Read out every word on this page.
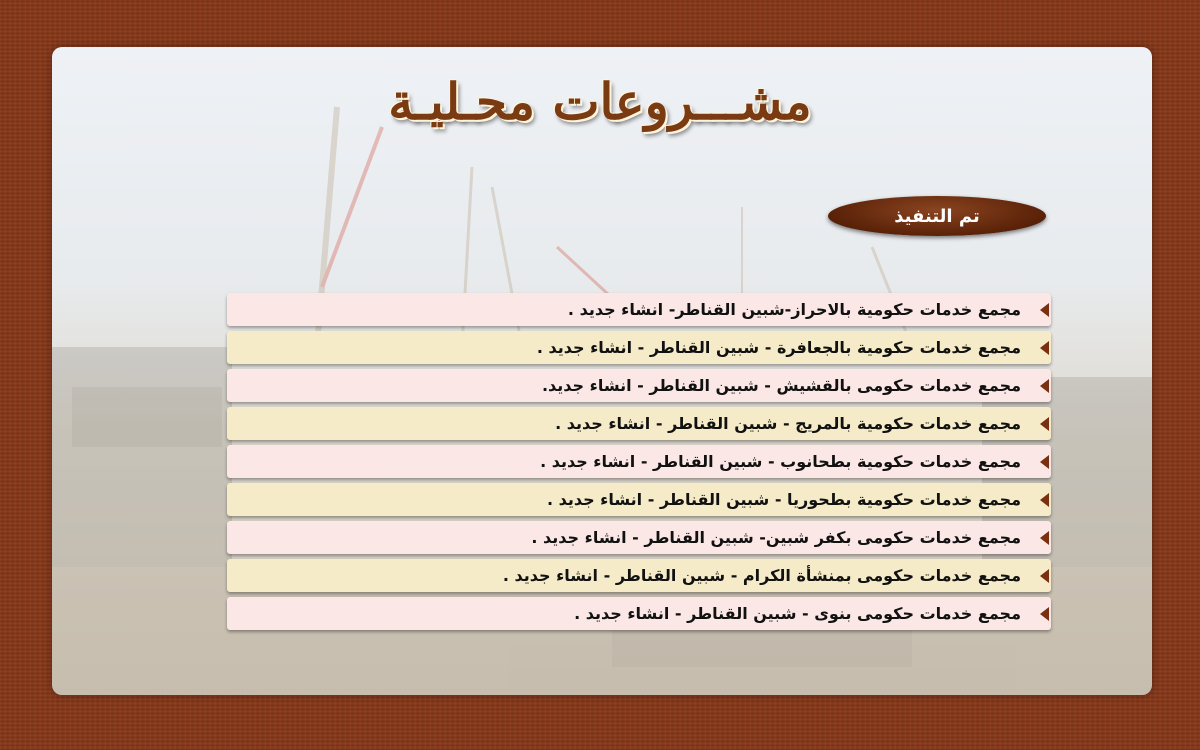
مشـــروعات محـليـة
تم التنفيذ
مجمع خدمات حكومية بالاحراز-شبين القناطر- انشاء جديد .
مجمع خدمات حكومية بالجعافرة - شبين القناطر - انشاء جديد .
مجمع خدمات حكومى بالقشيش - شبين القناطر - انشاء جديد.
مجمع خدمات حكومية بالمريج - شبين القناطر - انشاء جديد .
مجمع خدمات حكومية بطحانوب - شبين القناطر - انشاء جديد .
مجمع خدمات حكومية بطحوريا - شبين القناطر - انشاء جديد .
مجمع خدمات حكومى بكفر شبين- شبين القناطر - انشاء جديد .
مجمع خدمات حكومى بمنشأة الكرام - شبين القناطر - انشاء جديد .
مجمع خدمات حكومى بنوى - شبين القناطر - انشاء جديد .
